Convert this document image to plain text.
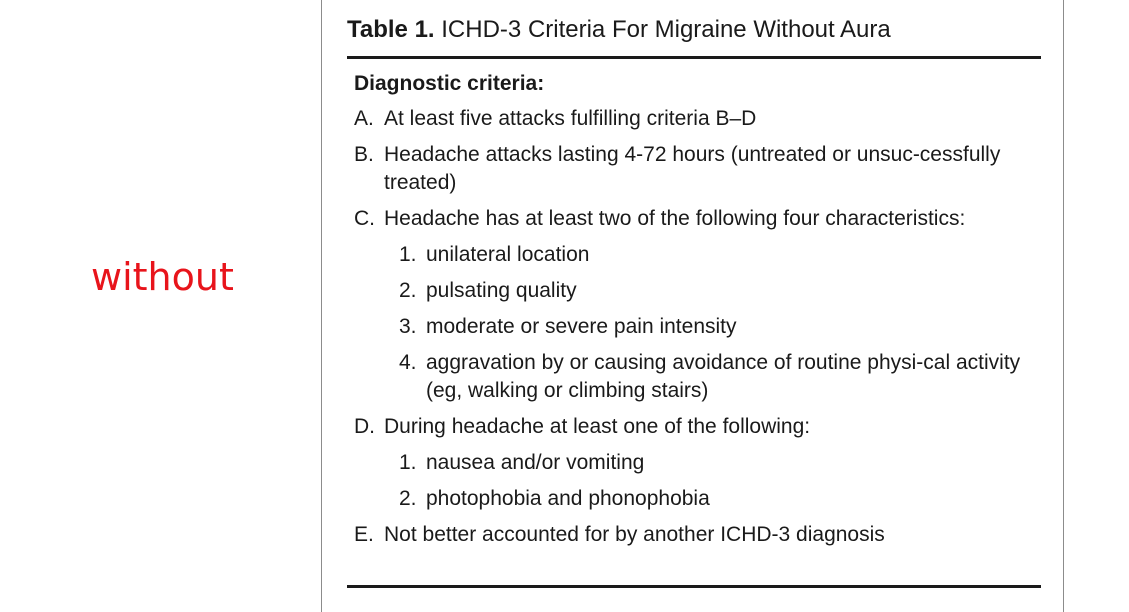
without

Table 1. ICHD-3 Criteria For Migraine Without Aura

Diagnostic criteria:

A. At least five attacks fulfilling criteria B–D
B. Headache attacks lasting 4-72 hours (untreated or unsuc-cessfully treated)
C. Headache has at least two of the following four characteristics:
1. unilateral location
2. pulsating quality
3. moderate or severe pain intensity
4. aggravation by or causing avoidance of routine physi-cal activity (eg, walking or climbing stairs)
D. During headache at least one of the following:
1. nausea and/or vomiting
2. photophobia and phonophobia
E. Not better accounted for by another ICHD-3 diagnosis
